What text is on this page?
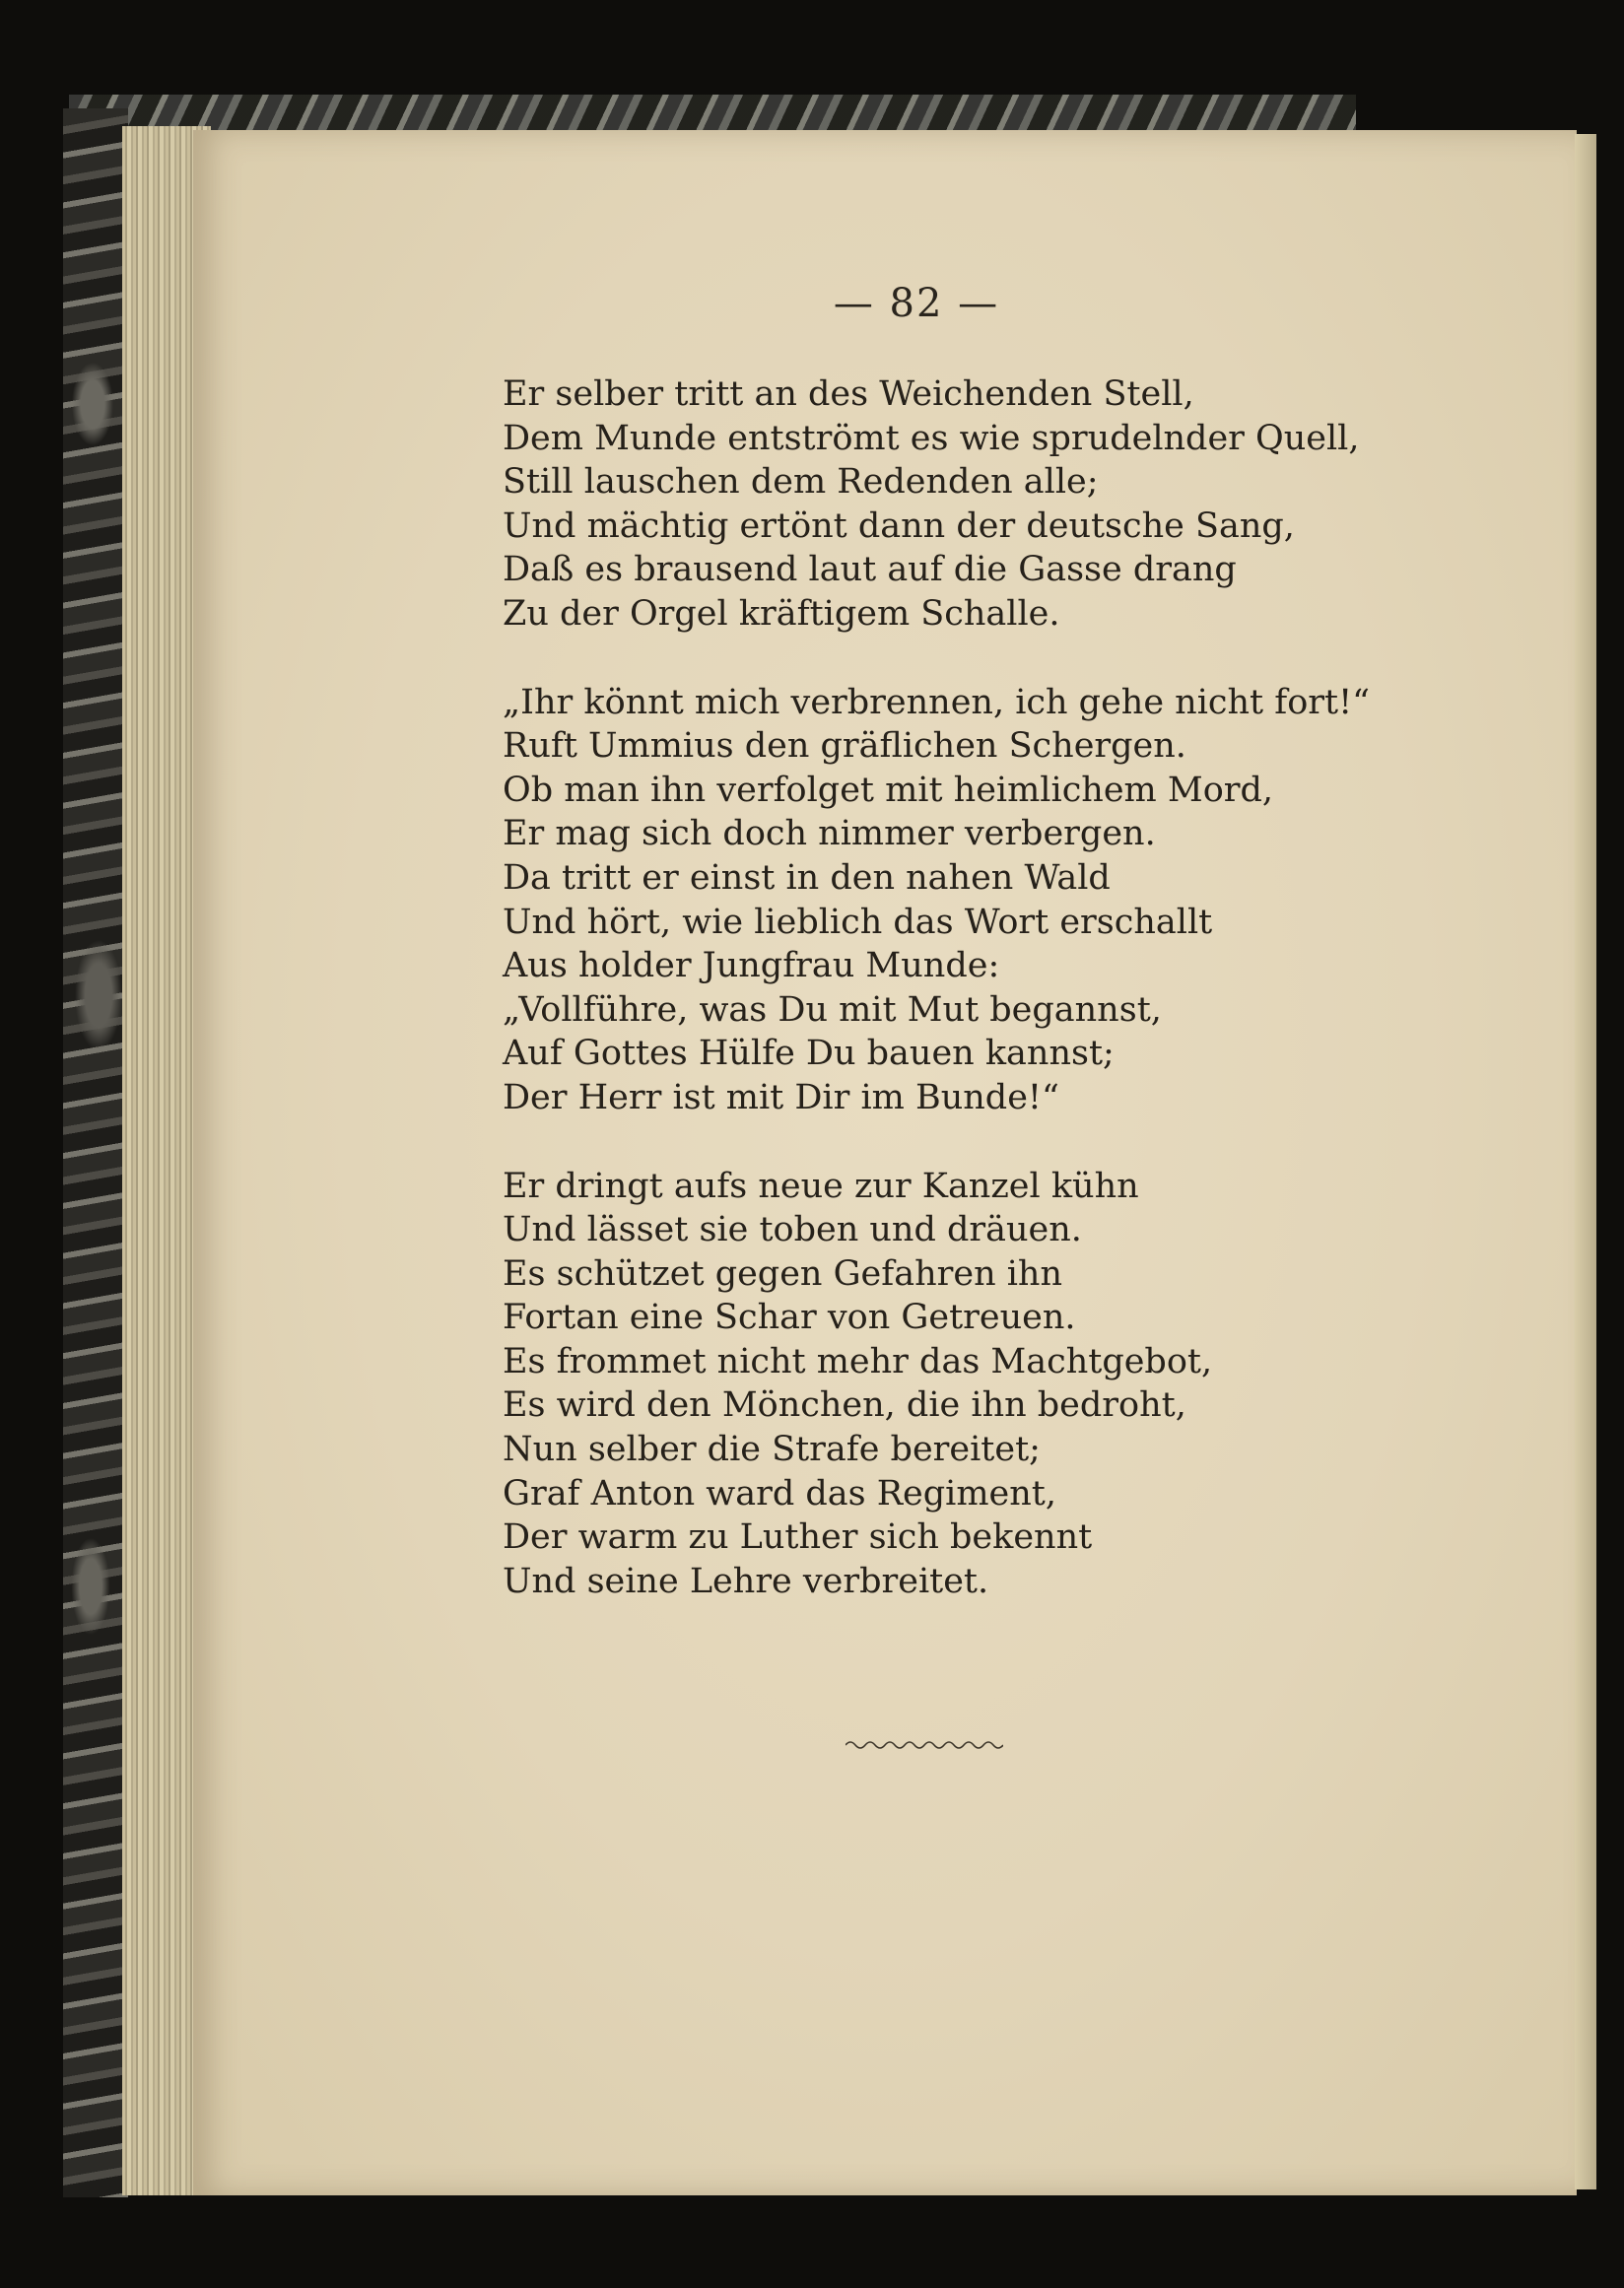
— 82 —
Er selber tritt an des Weichenden Stell,
Dem Munde entströmt es wie sprudelnder Quell,
Still lauschen dem Redenden alle;
Und mächtig ertönt dann der deutsche Sang,
Daß es brausend laut auf die Gasse drang
Zu der Orgel kräftigem Schalle.
„Ihr könnt mich verbrennen, ich gehe nicht fort!“
Ruft Ummius den gräflichen Schergen.
Ob man ihn verfolget mit heimlichem Mord,
Er mag sich doch nimmer verbergen.
Da tritt er einst in den nahen Wald
Und hört, wie lieblich das Wort erschallt
Aus holder Jungfrau Munde:
„Vollführe, was Du mit Mut begannst,
Auf Gottes Hülfe Du bauen kannst;
Der Herr ist mit Dir im Bunde!“
Er dringt aufs neue zur Kanzel kühn
Und lässet sie toben und dräuen.
Es schützet gegen Gefahren ihn
Fortan eine Schar von Getreuen.
Es frommet nicht mehr das Machtgebot,
Es wird den Mönchen, die ihn bedroht,
Nun selber die Strafe bereitet;
Graf Anton ward das Regiment,
Der warm zu Luther sich bekennt
Und seine Lehre verbreitet.
